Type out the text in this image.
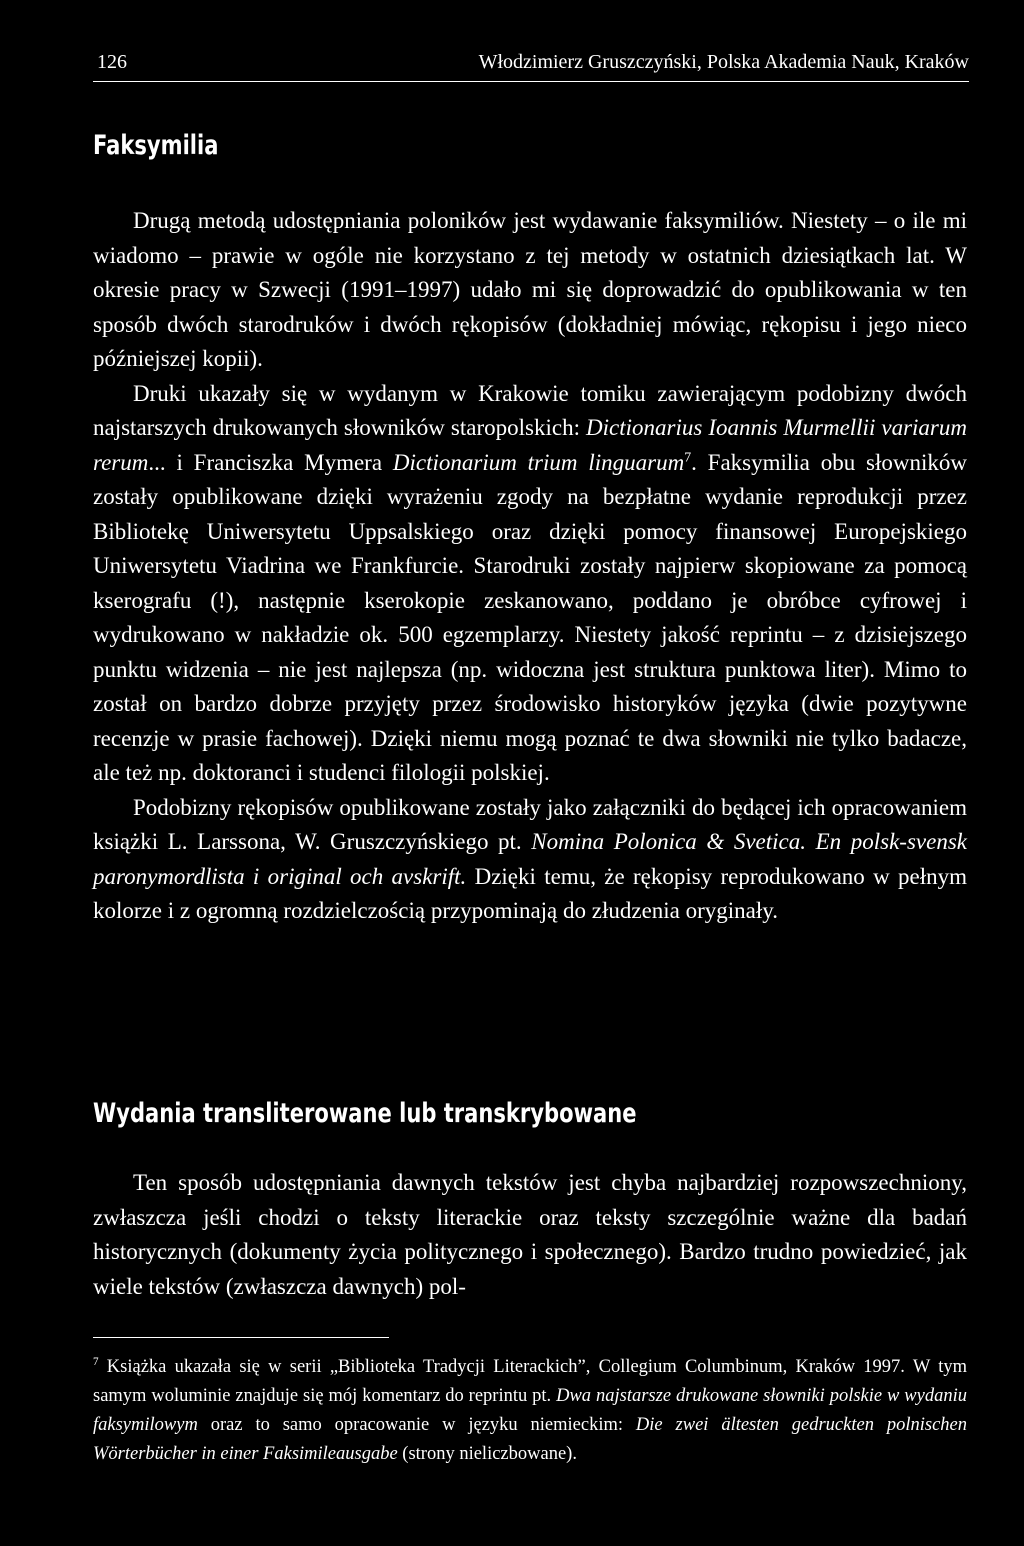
126	Włodzimierz Gruszczyński, Polska Akademia Nauk, Kraków
Faksymilia

Drugą metodą udostępniania poloników jest wydawanie faksymiliów. Niestety – o ile mi wiadomo – prawie w ogóle nie korzystano z tej metody w ostatnich dziesiątkach lat. W okresie pracy w Szwecji (1991–1997) udało mi się doprowadzić do opublikowania w ten sposób dwóch starodruków i dwóch rękopisów (dokładniej mówiąc, rękopisu i jego nieco późniejszej kopii).

Druki ukazały się w wydanym w Krakowie tomiku zawierającym podobizny dwóch najstarszych drukowanych słowników staropolskich: Dictionarius Ioannis Murmellii variarum rerum... i Franciszka Mymera Dictionarium trium linguarum$^7$. Faksymilia obu słowników zostały opublikowane dzięki wyrażeniu zgody na bezpłatne wydanie reprodukcji przez Bibliotekę Uniwersytetu Uppsalskiego oraz dzięki pomocy finansowej Europejskiego Uniwersytetu Viadrina we Frankfurcie. Starodruki zostały najpierw skopiowane za pomocą kserografu (!), następnie kserokopie zeskanowano, poddano je obróbce cyfrowej i wydrukowano w nakładzie ok. 500 egzemplarzy. Niestety jakość reprintu – z dzisiejszego punktu widzenia – nie jest najlepsza (np. widoczna jest struktura punktowa liter). Mimo to został on bardzo dobrze przyjęty przez środowisko historyków języka (dwie pozytywne recenzje w prasie fachowej). Dzięki niemu mogą poznać te dwa słowniki nie tylko badacze, ale też np. doktoranci i studenci filologii polskiej.

Podobizny rękopisów opublikowane zostały jako załączniki do będącej ich opracowaniem książki L. Larssona, W. Gruszczyńskiego pt. Nomina Polonica & Svetica. En polsk-svensk paronymordlista i original och avskrift. Dzięki temu, że rękopisy reprodukowano w pełnym kolorze i z ogromną rozdzielczością przypominają do złudzenia oryginały.

Wydania transliterowane lub transkrybowane

Ten sposób udostępniania dawnych tekstów jest chyba najbardziej rozpowszechniony, zwłaszcza jeśli chodzi o teksty literackie oraz teksty szczególnie ważne dla badań historycznych (dokumenty życia politycznego i społecznego). Bardzo trudno powiedzieć, jak wiele tekstów (zwłaszcza dawnych) pol-

$^7$ Książka ukazała się w serii „Biblioteka Tradycji Literackich”, Collegium Columbinum, Kraków 1997. W tym samym woluminie znajduje się mój komentarz do reprintu pt. Dwa najstarsze drukowane słowniki polskie w wydaniu faksymilowym oraz to samo opracowanie w języku niemieckim: Die zwei ältesten gedruckten polnischen Wörterbücher in einer Faksimileausgabe (strony nieliczbowane).
